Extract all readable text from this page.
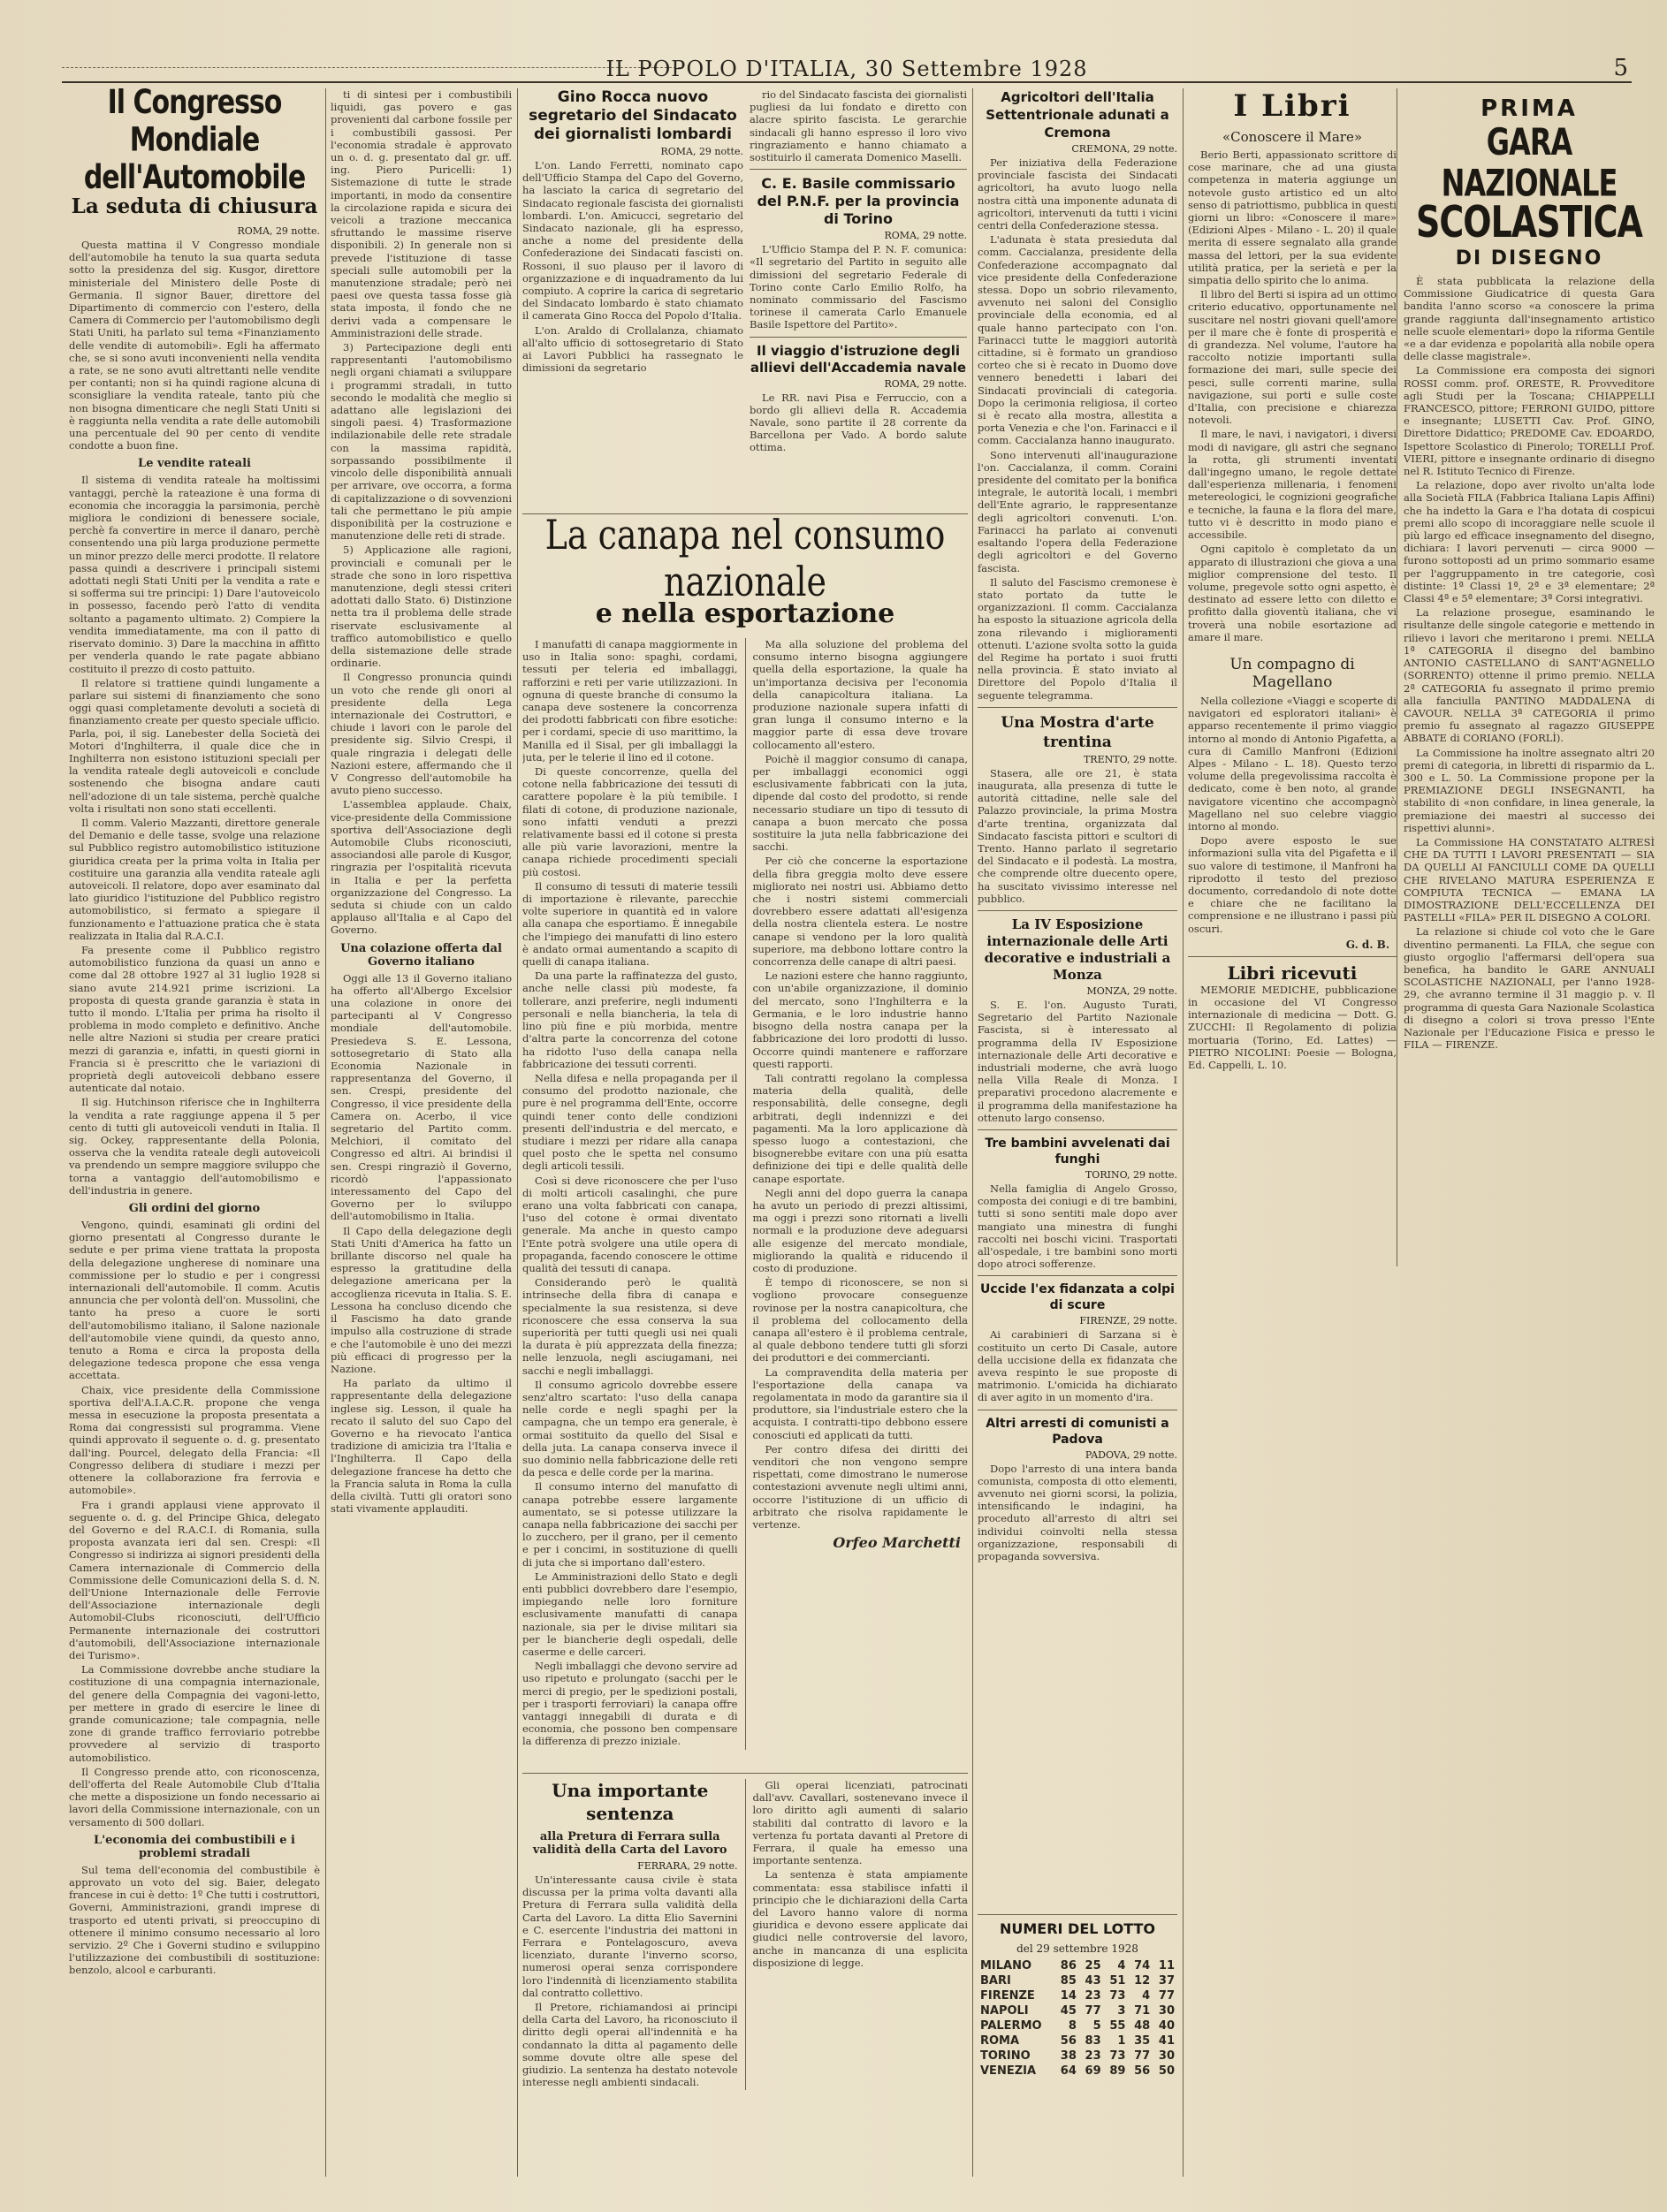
IL POPOLO D'ITALIA, 30 Settembre 1928	5
Il Congresso Mondiale dell'Automobile
La seduta di chiusura
ROMA, 29 notte.

Questa mattina il V Congresso mondiale dell'automobile ha tenuto la sua quarta seduta sotto la presidenza del sig. Kusgor, direttore ministeriale del Ministero delle Poste di Germania. Il signor Bauer, direttore del Dipartimento di commercio con l'estero, della Camera di Commercio per l'automobilismo degli Stati Uniti, ha parlato sul tema «Finanziamento delle vendite di automobili». Egli ha affermato che, se si sono avuti inconvenienti nella vendita a rate, se ne sono avuti altrettanti nelle vendite per contanti; non si ha quindi ragione alcuna di sconsigliare la vendita rateale, tanto più che non bisogna dimenticare che negli Stati Uniti si è raggiunta nella vendita a rate delle automobili una percentuale del 90 per cento di vendite condotte a buon fine.

Le vendite rateali

Il sistema di vendita rateale ha moltissimi vantaggi, perchè la rateazione è una forma di economia che incoraggia la parsimonia, perchè migliora le condizioni di benessere sociale, perchè fa convertire in merce il danaro, perchè consentendo una più larga produzione permette un minor prezzo delle merci prodotte. Il relatore passa quindi a descrivere i principali sistemi adottati negli Stati Uniti per la vendita a rate e si sofferma sui tre principi: 1) Dare l'autoveicolo in possesso, facendo però l'atto di vendita soltanto a pagamento ultimato. 2) Compiere la vendita immediatamente, ma con il patto di riservato dominio. 3) Dare la macchina in affitto per venderla quando le rate pagate abbiano costituito il prezzo di costo pattuito.

Il relatore si trattiene quindi lungamente a parlare sui sistemi di finanziamento che sono oggi quasi completamente devoluti a società di finanziamento create per questo speciale ufficio. Parla, poi, il sig. Lanebester della Società dei Motori d'Inghilterra, il quale dice che in Inghilterra non esistono istituzioni speciali per la vendita rateale degli autoveicoli e conclude sostenendo che bisogna andare cauti nell'adozione di un tale sistema, perchè qualche volta i risultati non sono stati eccellenti.

Il comm. Valerio Mazzanti, direttore generale del Demanio e delle tasse, svolge una relazione sul Pubblico registro automobilistico istituzione giuridica creata per la prima volta in Italia per costituire una garanzia alla vendita rateale agli autoveicoli. Il relatore, dopo aver esaminato dal lato giuridico l'istituzione del Pubblico registro automobilistico, si fermato a spiegare il funzionamento e l'attuazione pratica che è stata realizzata in Italia dal R.A.C.I.

Fa presente come il Pubblico registro automobilistico funziona da quasi un anno e come dal 28 ottobre 1927 al 31 luglio 1928 si siano avute 214.921 prime iscrizioni. La proposta di questa grande garanzia è stata in tutto il mondo. L'Italia per prima ha risolto il problema in modo completo e definitivo. Anche nelle altre Nazioni si studia per creare pratici mezzi di garanzia e, infatti, in questi giorni in Francia si è prescritto che le variazioni di proprietà degli autoveicoli debbano essere autenticate dal notaio.

Il sig. Hutchinson riferisce che in Inghilterra la vendita a rate raggiunge appena il 5 per cento di tutti gli autoveicoli venduti in Italia. Il sig. Ockey, rappresentante della Polonia, osserva che la vendita rateale degli autoveicoli va prendendo un sempre maggiore sviluppo che torna a vantaggio dell'automobilismo e dell'industria in genere.

Gli ordini del giorno

Vengono, quindi, esaminati gli ordini del giorno presentati al Congresso durante le sedute e per prima viene trattata la proposta della delegazione ungherese di nominare una commissione per lo studio e per i congressi internazionali dell'automobile. Il comm. Acutis annuncia che per volontà dell'on. Mussolini, che tanto ha preso a cuore le sorti dell'automobilismo italiano, il Salone nazionale dell'automobile viene quindi, da questo anno, tenuto a Roma e circa la proposta della delegazione tedesca propone che essa venga accettata.

Chaix, vice presidente della Commissione sportiva dell'A.I.A.C.R. propone che venga messa in esecuzione la proposta presentata a Roma dai congressisti sul programma. Viene quindi approvato il seguente o. d. g. presentato dall'ing. Pourcel, delegato della Francia: «Il Congresso delibera di studiare i mezzi per ottenere la collaborazione fra ferrovia e automobile».

Fra i grandi applausi viene approvato il seguente o. d. g. del Principe Ghica, delegato del Governo e del R.A.C.I. di Romania, sulla proposta avanzata ieri dal sen. Crespi: «Il Congresso si indirizza ai signori presidenti della Camera internazionale di Commercio della Commissione delle Comunicazioni della S. d. N. dell'Unione Internazionale delle Ferrovie dell'Associazione internazionale degli Automobil-Clubs riconosciuti, dell'Ufficio Permanente internazionale dei costruttori d'automobili, dell'Associazione internazionale dei Turismo».

La Commissione dovrebbe anche studiare la costituzione di una compagnia internazionale, del genere della Compagnia dei vagoni-letto, per mettere in grado di esercire le linee di grande comunicazione; tale compagnia, nelle zone di grande traffico ferroviario potrebbe provvedere al servizio di trasporto automobilistico.

Il Congresso prende atto, con riconoscenza, dell'offerta del Reale Automobile Club d'Italia che mette a disposizione un fondo necessario ai lavori della Commissione internazionale, con un versamento di 500 dollari.

L'economia dei combustibili e i problemi stradali

Sul tema dell'economia del combustibile è approvato un voto del sig. Baier, delegato francese in cui è detto: 1º Che tutti i costruttori, Governi, Amministrazioni, grandi imprese di trasporto ed utenti privati, si preoccupino di ottenere il minimo consumo necessario al loro servizio. 2º Che i Governi studino e sviluppino l'utilizzazione dei combustibili di sostituzione: benzolo, alcool e carburanti.

ti di sintesi per i combustibili liquidi, gas povero e gas provenienti dal carbone fossile per i combustibili gassosi. Per l'economia stradale è approvato un o. d. g. presentato dal gr. uff. ing. Piero Puricelli: 1) Sistemazione di tutte le strade importanti, in modo da consentire la circolazione rapida e sicura dei veicoli a trazione meccanica sfruttando le massime riserve disponibili. 2) In generale non si prevede l'istituzione di tasse speciali sulle automobili per la manutenzione stradale; però nei paesi ove questa tassa fosse già stata imposta, il fondo che ne derivi vada a compensare le Amministrazioni delle strade.

3) Partecipazione degli enti rappresentanti l'automobilismo negli organi chiamati a sviluppare i programmi stradali, in tutto secondo le modalità che meglio si adattano alle legislazioni dei singoli paesi. 4) Trasformazione indilazionabile delle rete stradale con la massima rapidità, sorpassando possibilmente il vincolo delle disponibilità annuali per arrivare, ove occorra, a forma di capitalizzazione o di sovvenzioni tali che permettano le più ampie disponibilità per la costruzione e manutenzione delle reti di strade.

5) Applicazione alle ragioni, provinciali e comunali per le strade che sono in loro rispettiva manutenzione, degli stessi criteri adottati dallo Stato. 6) Distinzione netta tra il problema delle strade riservate esclusivamente al traffico automobilistico e quello della sistemazione delle strade ordinarie.

Il Congresso pronuncia quindi un voto che rende gli onori al presidente della Lega internazionale dei Costruttori, e chiude i lavori con le parole del presidente sig. Silvio Crespi, il quale ringrazia i delegati delle Nazioni estere, affermando che il V Congresso dell'automobile ha avuto pieno successo.

L'assemblea applaude. Chaix, vice-presidente della Commissione sportiva dell'Associazione degli Automobile Clubs riconosciuti, associandosi alle parole di Kusgor, ringrazia per l'ospitalità ricevuta in Italia e per la perfetta organizzazione del Congresso. La seduta si chiude con un caldo applauso all'Italia e al Capo del Governo.

Una colazione offerta dal Governo italiano

Oggi alle 13 il Governo italiano ha offerto all'Albergo Excelsior una colazione in onore dei partecipanti al V Congresso mondiale dell'automobile. Presiedeva S. E. Lessona, sottosegretario di Stato alla Economia Nazionale in rappresentanza del Governo, il sen. Crespi, presidente del Congresso, il vice presidente della Camera on. Acerbo, il vice segretario del Partito comm. Melchiori, il comitato del Congresso ed altri. Ai brindisi il sen. Crespi ringraziò il Governo, ricordò l'appassionato interessamento del Capo del Governo per lo sviluppo dell'automobilismo in Italia.

Il Capo della delegazione degli Stati Uniti d'America ha fatto un brillante discorso nel quale ha espresso la gratitudine della delegazione americana per la accoglienza ricevuta in Italia. S. E. Lessona ha concluso dicendo che il Fascismo ha dato grande impulso alla costruzione di strade e che l'automobile è uno dei mezzi più efficaci di progresso per la Nazione.

Ha parlato da ultimo il rappresentante della delegazione inglese sig. Lesson, il quale ha recato il saluto del suo Capo del Governo e ha rievocato l'antica tradizione di amicizia tra l'Italia e l'Inghilterra. Il Capo della delegazione francese ha detto che la Francia saluta in Roma la culla della civiltà. Tutti gli oratori sono stati vivamente applauditi.

Gino Rocca nuovo segretario del Sindacato dei giornalisti lombardi
ROMA, 29 notte.

L'on. Lando Ferretti, nominato capo dell'Ufficio Stampa del Capo del Governo, ha lasciato la carica di segretario del Sindacato regionale fascista dei giornalisti lombardi. L'on. Amicucci, segretario del Sindacato nazionale, gli ha espresso, anche a nome del presidente della Confederazione dei Sindacati fascisti on. Rossoni, il suo plauso per il lavoro di organizzazione e di inquadramento da lui compiuto. A coprire la carica di segretario del Sindacato lombardo è stato chiamato il camerata Gino Rocca del Popolo d'Italia.

L'on. Araldo di Crollalanza, chiamato all'alto ufficio di sottosegretario di Stato ai Lavori Pubblici ha rassegnato le dimissioni da segretario

rio del Sindacato fascista dei giornalisti pugliesi da lui fondato e diretto con alacre spirito fascista. Le gerarchie sindacali gli hanno espresso il loro vivo ringraziamento e hanno chiamato a sostituirlo il camerata Domenico Maselli.

C. E. Basile commissario del P.N.F. per la provincia di Torino
ROMA, 29 notte.

L'Ufficio Stampa del P. N. F. comunica: «Il segretario del Partito in seguito alle dimissioni del segretario Federale di Torino conte Carlo Emilio Rolfo, ha nominato commissario del Fascismo torinese il camerata Carlo Emanuele Basile Ispettore del Partito».

Il viaggio d'istruzione degli allievi dell'Accademia navale
ROMA, 29 notte.

Le RR. navi Pisa e Ferruccio, con a bordo gli allievi della R. Accademia Navale, sono partite il 28 corrente da Barcellona per Vado. A bordo salute ottima.

La canapa nel consumo nazionale
e nella esportazione

I manufatti di canapa maggiormente in uso in Italia sono: spaghi, cordami, tessuti per teleria ed imballaggi, rafforzini e reti per varie utilizzazioni. In ognuna di queste branche di consumo la canapa deve sostenere la concorrenza dei prodotti fabbricati con fibre esotiche: per i cordami, specie di uso marittimo, la Manilla ed il Sisal, per gli imballaggi la juta, per le telerie il lino ed il cotone.

Di queste concorrenze, quella del cotone nella fabbricazione dei tessuti di carattere popolare è la più temibile. I filati di cotone, di produzione nazionale, sono infatti venduti a prezzi relativamente bassi ed il cotone si presta alle più varie lavorazioni, mentre la canapa richiede procedimenti speciali più costosi.

Il consumo di tessuti di materie tessili di importazione è rilevante, parecchie volte superiore in quantità ed in valore alla canapa che esportiamo. È innegabile che l'impiego dei manufatti di lino estero è andato ormai aumentando a scapito di quelli di canapa italiana.

Da una parte la raffinatezza del gusto, anche nelle classi più modeste, fa tollerare, anzi preferire, negli indumenti personali e nella biancheria, la tela di lino più fine e più morbida, mentre d'altra parte la concorrenza del cotone ha ridotto l'uso della canapa nella fabbricazione dei tessuti correnti.

Nella difesa e nella propaganda per il consumo del prodotto nazionale, che pure è nel programma dell'Ente, occorre quindi tener conto delle condizioni presenti dell'industria e del mercato, e studiare i mezzi per ridare alla canapa quel posto che le spetta nel consumo degli articoli tessili.

Così si deve riconoscere che per l'uso di molti articoli casalinghi, che pure erano una volta fabbricati con canapa, l'uso del cotone è ormai diventato generale. Ma anche in questo campo l'Ente potrà svolgere una utile opera di propaganda, facendo conoscere le ottime qualità dei tessuti di canapa.

Considerando però le qualità intrinseche della fibra di canapa e specialmente la sua resistenza, si deve riconoscere che essa conserva la sua superiorità per tutti quegli usi nei quali la durata è più apprezzata della finezza; nelle lenzuola, negli asciugamani, nei sacchi e negli imballaggi.

Il consumo agricolo dovrebbe essere senz'altro scartato: l'uso della canapa nelle corde e negli spaghi per la campagna, che un tempo era generale, è ormai sostituito da quello del Sisal e della juta. La canapa conserva invece il suo dominio nella fabbricazione delle reti da pesca e delle corde per la marina.

Il consumo interno del manufatto di canapa potrebbe essere largamente aumentato, se si potesse utilizzare la canapa nella fabbricazione dei sacchi per lo zucchero, per il grano, per il cemento e per i concimi, in sostituzione di quelli di juta che si importano dall'estero.

Le Amministrazioni dello Stato e degli enti pubblici dovrebbero dare l'esempio, impiegando nelle loro forniture esclusivamente manufatti di canapa nazionale, sia per le divise militari sia per le biancherie degli ospedali, delle caserme e delle carceri.

Negli imballaggi che devono servire ad uso ripetuto e prolungato (sacchi per le merci di pregio, per le spedizioni postali, per i trasporti ferroviari) la canapa offre vantaggi innegabili di durata e di economia, che possono ben compensare la differenza di prezzo iniziale.

Ma alla soluzione del problema del consumo interno bisogna aggiungere quella della esportazione, la quale ha un'importanza decisiva per l'economia della canapicoltura italiana. La produzione nazionale supera infatti di gran lunga il consumo interno e la maggior parte di essa deve trovare collocamento all'estero.

Poichè il maggior consumo di canapa, per imballaggi economici oggi esclusivamente fabbricati con la juta, dipende dal costo del prodotto, si rende necessario studiare un tipo di tessuto di canapa a buon mercato che possa sostituire la juta nella fabbricazione dei sacchi.

Per ciò che concerne la esportazione della fibra greggia molto deve essere migliorato nei nostri usi. Abbiamo detto che i nostri sistemi commerciali dovrebbero essere adattati all'esigenza della nostra clientela estera. Le nostre canape si vendono per la loro qualità superiore, ma debbono lottare contro la concorrenza delle canape di altri paesi.

Le nazioni estere che hanno raggiunto, con un'abile organizzazione, il dominio del mercato, sono l'Inghilterra e la Germania, e le loro industrie hanno bisogno della nostra canapa per la fabbricazione dei loro prodotti di lusso. Occorre quindi mantenere e rafforzare questi rapporti.

Tali contratti regolano la complessa materia della qualità, delle responsabilità, delle consegne, degli arbitrati, degli indennizzi e dei pagamenti. Ma la loro applicazione dà spesso luogo a contestazioni, che bisognerebbe evitare con una più esatta definizione dei tipi e delle qualità delle canape esportate.

Negli anni del dopo guerra la canapa ha avuto un periodo di prezzi altissimi, ma oggi i prezzi sono ritornati a livelli normali e la produzione deve adeguarsi alle esigenze del mercato mondiale, migliorando la qualità e riducendo il costo di produzione.

È tempo di riconoscere, se non si vogliono provocare conseguenze rovinose per la nostra canapicoltura, che il problema del collocamento della canapa all'estero è il problema centrale, al quale debbono tendere tutti gli sforzi dei produttori e dei commercianti.

La compravendita della materia per l'esportazione della canapa va regolamentata in modo da garantire sia il produttore, sia l'industriale estero che la acquista. I contratti-tipo debbono essere conosciuti ed applicati da tutti.

Per contro difesa dei diritti dei venditori che non vengono sempre rispettati, come dimostrano le numerose contestazioni avvenute negli ultimi anni, occorre l'istituzione di un ufficio di arbitrato che risolva rapidamente le vertenze.

Orfeo Marchetti
Una importante sentenza
alla Pretura di Ferrara sulla validità della Carta del Lavoro
FERRARA, 29 notte.

Un'interessante causa civile è stata discussa per la prima volta davanti alla Pretura di Ferrara sulla validità della Carta del Lavoro. La ditta Elio Savernini e C. esercente l'industria dei mattoni in Ferrara e Pontelagoscuro, aveva licenziato, durante l'inverno scorso, numerosi operai senza corrispondere loro l'indennità di licenziamento stabilita dal contratto collettivo.

Il Pretore, richiamandosi ai principi della Carta del Lavoro, ha riconosciuto il diritto degli operai all'indennità e ha condannato la ditta al pagamento delle somme dovute oltre alle spese del giudizio. La sentenza ha destato notevole interesse negli ambienti sindacali.

Gli operai licenziati, patrocinati dall'avv. Cavallari, sostenevano invece il loro diritto agli aumenti di salario stabiliti dal contratto di lavoro e la vertenza fu portata davanti al Pretore di Ferrara, il quale ha emesso una importante sentenza.

La sentenza è stata ampiamente commentata: essa stabilisce infatti il principio che le dichiarazioni della Carta del Lavoro hanno valore di norma giuridica e devono essere applicate dai giudici nelle controversie del lavoro, anche in mancanza di una esplicita disposizione di legge.

Agricoltori dell'Italia Settentrionale adunati a Cremona
CREMONA, 29 notte.

Per iniziativa della Federazione provinciale fascista dei Sindacati agricoltori, ha avuto luogo nella nostra città una imponente adunata di agricoltori, intervenuti da tutti i vicini centri della Confederazione stessa.

L'adunata è stata presieduta dal comm. Caccialanza, presidente della Confederazione accompagnato dal vice presidente della Confederazione stessa. Dopo un sobrio rilevamento, avvenuto nei saloni del Consiglio provinciale della economia, ed al quale hanno partecipato con l'on. Farinacci tutte le maggiori autorità cittadine, si è formato un grandioso corteo che si è recato in Duomo dove vennero benedetti i labari dei Sindacati provinciali di categoria. Dopo la cerimonia religiosa, il corteo si è recato alla mostra, allestita a porta Venezia e che l'on. Farinacci e il comm. Caccialanza hanno inaugurato.

Sono intervenuti all'inaugurazione l'on. Caccialanza, il comm. Coraini presidente del comitato per la bonifica integrale, le autorità locali, i membri dell'Ente agrario, le rappresentanze degli agricoltori convenuti. L'on. Farinacci ha parlato ai convenuti esaltando l'opera della Federazione degli agricoltori e del Governo fascista.

Il saluto del Fascismo cremonese è stato portato da tutte le organizzazioni. Il comm. Caccialanza ha esposto la situazione agricola della zona rilevando i miglioramenti ottenuti. L'azione svolta sotto la guida del Regime ha portato i suoi frutti nella provincia. È stato inviato al Direttore del Popolo d'Italia il seguente telegramma.

Una Mostra d'arte trentina
TRENTO, 29 notte.

Stasera, alle ore 21, è stata inaugurata, alla presenza di tutte le autorità cittadine, nelle sale del Palazzo provinciale, la prima Mostra d'arte trentina, organizzata dal Sindacato fascista pittori e scultori di Trento. Hanno parlato il segretario del Sindacato e il podestà. La mostra, che comprende oltre duecento opere, ha suscitato vivissimo interesse nel pubblico.

La IV Esposizione internazionale delle Arti decorative e industriali a Monza
MONZA, 29 notte.

S. E. l'on. Augusto Turati, Segretario del Partito Nazionale Fascista, si è interessato al programma della IV Esposizione internazionale delle Arti decorative e industriali moderne, che avrà luogo nella Villa Reale di Monza. I preparativi procedono alacremente e il programma della manifestazione ha ottenuto largo consenso.

Tre bambini avvelenati dai funghi
TORINO, 29 notte.

Nella famiglia di Angelo Grosso, composta dei coniugi e di tre bambini, tutti si sono sentiti male dopo aver mangiato una minestra di funghi raccolti nei boschi vicini. Trasportati all'ospedale, i tre bambini sono morti dopo atroci sofferenze.

Uccide l'ex fidanzata a colpi di scure
FIRENZE, 29 notte.

Ai carabinieri di Sarzana si è costituito un certo Di Casale, autore della uccisione della ex fidanzata che aveva respinto le sue proposte di matrimonio. L'omicida ha dichiarato di aver agito in un momento d'ira.

Altri arresti di comunisti a Padova
PADOVA, 29 notte.

Dopo l'arresto di una intera banda comunista, composta di otto elementi, avvenuto nei giorni scorsi, la polizia, intensificando le indagini, ha proceduto all'arresto di altri sei individui coinvolti nella stessa organizzazione, responsabili di propaganda sovversiva.

NUMERI DEL LOTTO
del 29 settembre 1928
MILANO	86	25	4	74	11
BARI	85	43	51	12	37
FIRENZE	14	23	73	4	77
NAPOLI	45	77	3	71	30
PALERMO	8	5	55	48	40
ROMA	56	83	1	35	41
TORINO	38	23	73	77	30
VENEZIA	64	69	89	56	50
I Libri
«Conoscere il Mare»

Berio Berti, appassionato scrittore di cose marinare, che ad una giusta competenza in materia aggiunge un notevole gusto artistico ed un alto senso di patriottismo, pubblica in questi giorni un libro: «Conoscere il mare» (Edizioni Alpes - Milano - L. 20) il quale merita di essere segnalato alla grande massa del lettori, per la sua evidente utilità pratica, per la serietà e per la simpatia dello spirito che lo anima.

Il libro del Berti si ispira ad un ottimo criterio educativo, opportunamente nel suscitare nel nostri giovani quell'amore per il mare che è fonte di prosperità e di grandezza. Nel volume, l'autore ha raccolto notizie importanti sulla formazione dei mari, sulle specie dei pesci, sulle correnti marine, sulla navigazione, sui porti e sulle coste d'Italia, con precisione e chiarezza notevoli.

Il mare, le navi, i navigatori, i diversi modi di navigare, gli astri che segnano la rotta, gli strumenti inventati dall'ingegno umano, le regole dettate dall'esperienza millenaria, i fenomeni metereologici, le cognizioni geografiche e tecniche, la fauna e la flora del mare, tutto vi è descritto in modo piano e accessibile.

Ogni capitolo è completato da un apparato di illustrazioni che giova a una miglior comprensione del testo. Il volume, pregevole sotto ogni aspetto, è destinato ad essere letto con diletto e profitto dalla gioventù italiana, che vi troverà una nobile esortazione ad amare il mare.

Un compagno di Magellano

Nella collezione «Viaggi e scoperte di navigatori ed esploratori italiani» è apparso recentemente il primo viaggio intorno al mondo di Antonio Pigafetta, a cura di Camillo Manfroni (Edizioni Alpes - Milano - L. 18). Questo terzo volume della pregevolissima raccolta è dedicato, come è ben noto, al grande navigatore vicentino che accompagnò Magellano nel suo celebre viaggio intorno al mondo.

Dopo avere esposto le sue informazioni sulla vita del Pigafetta e il suo valore di testimone, il Manfroni ha riprodotto il testo del prezioso documento, corredandolo di note dotte e chiare che ne facilitano la comprensione e ne illustrano i passi più oscuri.

G. d. B.
Libri ricevuti

MEMORIE MEDICHE, pubblicazione in occasione del VI Congresso internazionale di medicina — Dott. G. ZUCCHI: Il Regolamento di polizia mortuaria (Torino, Ed. Lattes) — PIETRO NICOLINI: Poesie — Bologna, Ed. Cappelli, L. 10.

PRIMA
GARA NAZIONALE
SCOLASTICA
DI DISEGNO

È stata pubblicata la relazione della Commissione Giudicatrice di questa Gara bandita l'anno scorso «a conoscere la prima grande raggiunta dall'insegnamento artistico nelle scuole elementari» dopo la riforma Gentile «e a dar evidenza e popolarità alla nobile opera delle classe magistrale».

La Commissione era composta dei signori ROSSI comm. prof. ORESTE, R. Provveditore agli Studi per la Toscana; CHIAPPELLI FRANCESCO, pittore; FERRONI GUIDO, pittore e insegnante; LUSETTI Cav. Prof. GINO, Direttore Didattico; PREDOME Cav. EDOARDO, Ispettore Scolastico di Pinerolo; TORELLI Prof. VIERI, pittore e insegnante ordinario di disegno nel R. Istituto Tecnico di Firenze.

La relazione, dopo aver rivolto un'alta lode alla Società FILA (Fabbrica Italiana Lapis Affini) che ha indetto la Gara e l'ha dotata di cospicui premi allo scopo di incoraggiare nelle scuole il più largo ed efficace insegnamento del disegno, dichiara: I lavori pervenuti — circa 9000 — furono sottoposti ad un primo sommario esame per l'aggruppamento in tre categorie, così distinte: 1ª Classi 1ª, 2ª e 3ª elementare; 2ª Classi 4ª e 5ª elementare; 3ª Corsi integrativi.

La relazione prosegue, esaminando le risultanze delle singole categorie e mettendo in rilievo i lavori che meritarono i premi. NELLA 1ª CATEGORIA il disegno del bambino ANTONIO CASTELLANO di SANT'AGNELLO (SORRENTO) ottenne il primo premio. NELLA 2ª CATEGORIA fu assegnato il primo premio alla fanciulla PANTINO MADDALENA di CAVOUR. NELLA 3ª CATEGORIA il primo premio fu assegnato al ragazzo GIUSEPPE ABBATE di CORIANO (FORLÌ).

La Commissione ha inoltre assegnato altri 20 premi di categoria, in libretti di risparmio da L. 300 e L. 50. La Commissione propone per la PREMIAZIONE DEGLI INSEGNANTI, ha stabilito di «non confidare, in linea generale, la premiazione dei maestri al successo dei rispettivi alunni».

La Commissione HA CONSTATATO ALTRESÌ CHE DA TUTTI I LAVORI PRESENTATI — SIA DA QUELLI AI FANCIULLI COME DA QUELLI CHE RIVELANO MATURA ESPERIENZA E COMPIUTA TECNICA — EMANA LA DIMOSTRAZIONE DELL'ECCELLENZA DEI PASTELLI «FILA» PER IL DISEGNO A COLORI.

La relazione si chiude col voto che le Gare diventino permanenti. La FILA, che segue con giusto orgoglio l'affermarsi dell'opera sua benefica, ha bandito le GARE ANNUALI SCOLASTICHE NAZIONALI, per l'anno 1928-29, che avranno termine il 31 maggio p. v. Il programma di questa Gara Nazionale Scolastica di disegno a colori si trova presso l'Ente Nazionale per l'Educazione Fisica e presso le FILA — FIRENZE.
